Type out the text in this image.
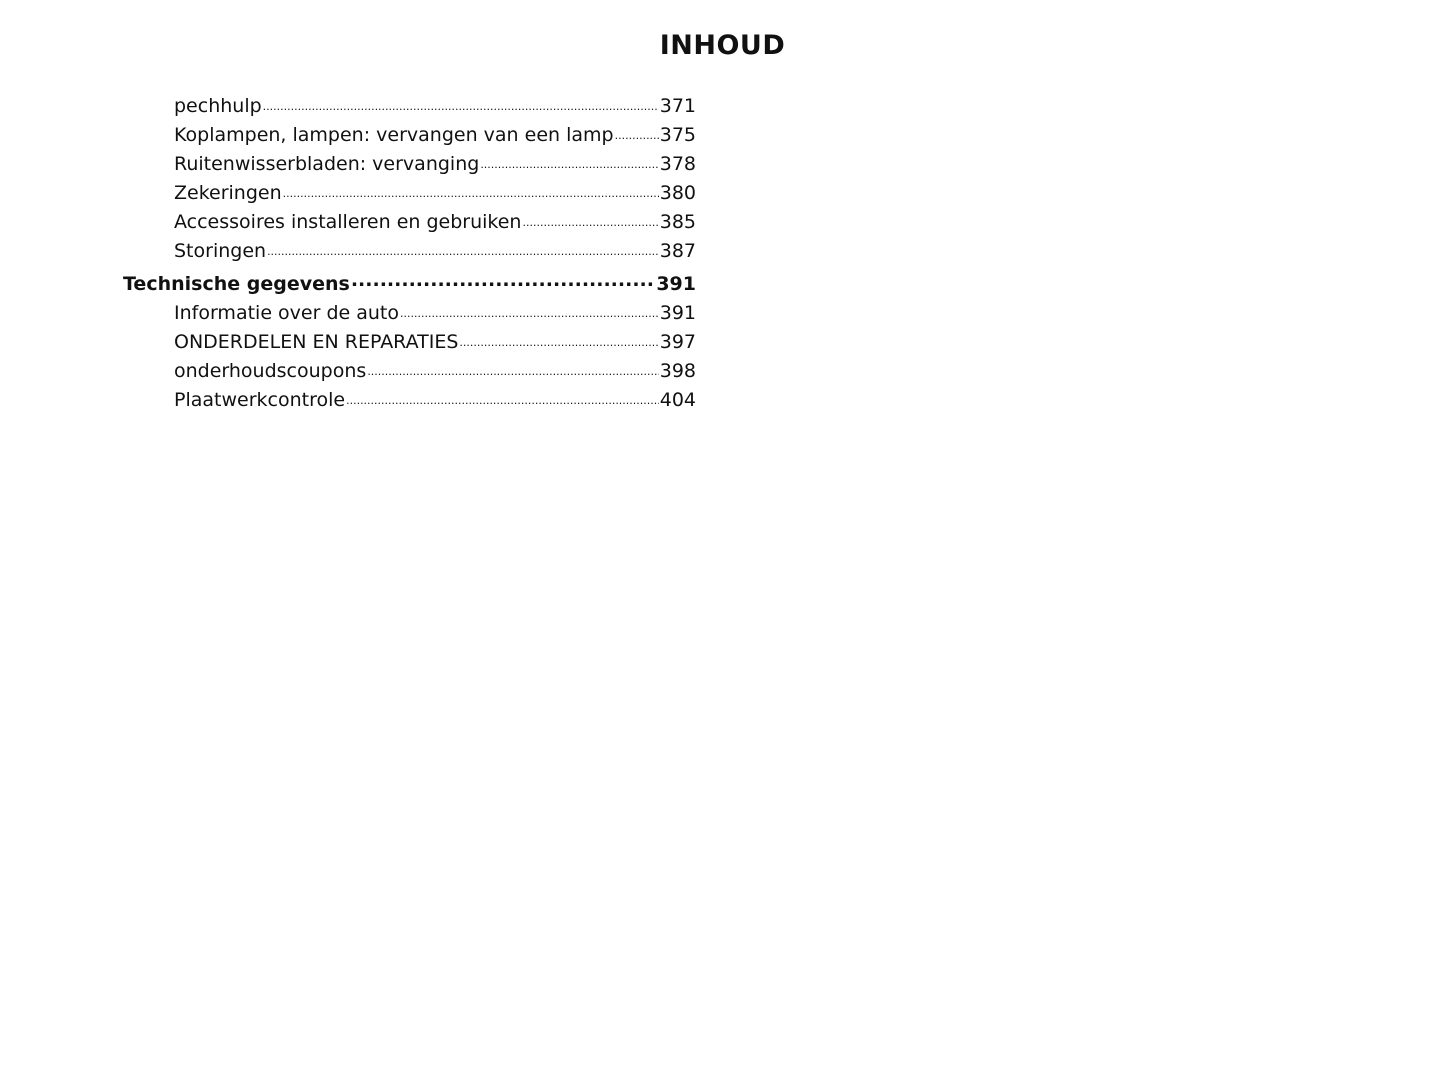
INHOUD
pechhulp .....	371
Koplampen, lampen: vervangen van een lamp ..... 375
Ruitenwisserbladen: vervanging .....	378
Zekeringen .....	380
Accessoires installeren en gebruiken .....	385
Storingen .....	387
Technische gegevens .....	391
Informatie over de auto .....	391
ONDERDELEN EN REPARATIES .....	397
onderhoudscoupons .....	398
Plaatwerkcontrole .....	404
